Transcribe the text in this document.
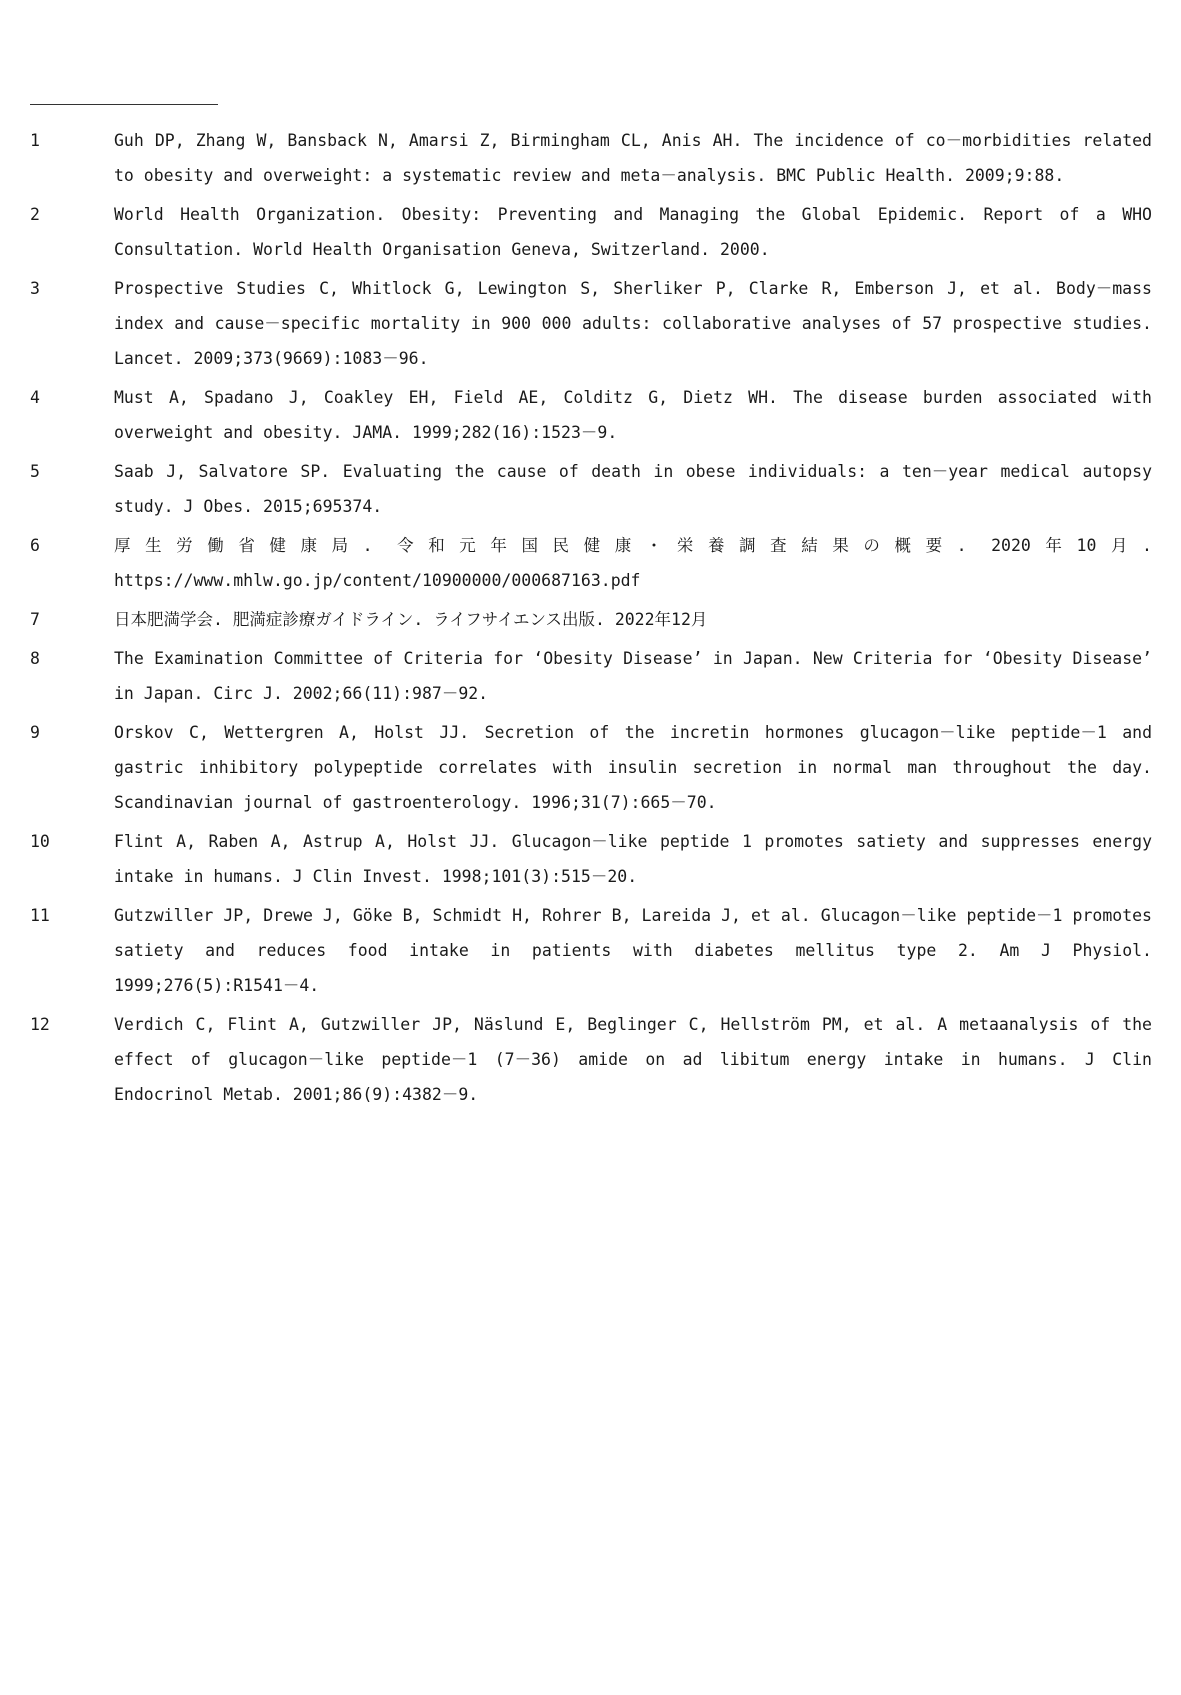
1	Guh DP, Zhang W, Bansback N, Amarsi Z, Birmingham CL, Anis AH. The incidence of co－morbidities related to obesity and overweight: a systematic review and meta－analysis. BMC Public Health. 2009;9:88.
2	World Health Organization. Obesity: Preventing and Managing the Global Epidemic. Report of a WHO Consultation. World Health Organisation Geneva, Switzerland. 2000.
3	Prospective Studies C, Whitlock G, Lewington S, Sherliker P, Clarke R, Emberson J, et al. Body－mass index and cause－specific mortality in 900 000 adults: collaborative analyses of 57 prospective studies. Lancet. 2009;373(9669):1083－96.
4	Must A, Spadano J, Coakley EH, Field AE, Colditz G, Dietz WH. The disease burden associated with overweight and obesity. JAMA. 1999;282(16):1523－9.
5	Saab J, Salvatore SP. Evaluating the cause of death in obese individuals: a ten－year medical autopsy study. J Obes. 2015;695374.
6	厚生労働省健康局. 令和元年国民健康・栄養調査結果の概要. 2020年10月. https://www.mhlw.go.jp/content/10900000/000687163.pdf
7	日本肥満学会. 肥満症診療ガイドライン. ライフサイエンス出版. 2022年12月
8	The Examination Committee of Criteria for ‘Obesity Disease’ in Japan. New Criteria for ‘Obesity Disease’ in Japan. Circ J. 2002;66(11):987－92.
9	Orskov C, Wettergren A, Holst JJ. Secretion of the incretin hormones glucagon－like peptide－1 and gastric inhibitory polypeptide correlates with insulin secretion in normal man throughout the day. Scandinavian journal of gastroenterology. 1996;31(7):665－70.
10	Flint A, Raben A, Astrup A, Holst JJ. Glucagon－like peptide 1 promotes satiety and suppresses energy intake in humans. J Clin Invest. 1998;101(3):515－20.
11	Gutzwiller JP, Drewe J, Göke B, Schmidt H, Rohrer B, Lareida J, et al. Glucagon－like peptide－1 promotes satiety and reduces food intake in patients with diabetes mellitus type 2. Am J Physiol. 1999;276(5):R1541－4.
12	Verdich C, Flint A, Gutzwiller JP, Näslund E, Beglinger C, Hellström PM, et al. A metaanalysis of the effect of glucagon－like peptide－1 (7－36) amide on ad libitum energy intake in humans. J Clin Endocrinol Metab. 2001;86(9):4382－9.
